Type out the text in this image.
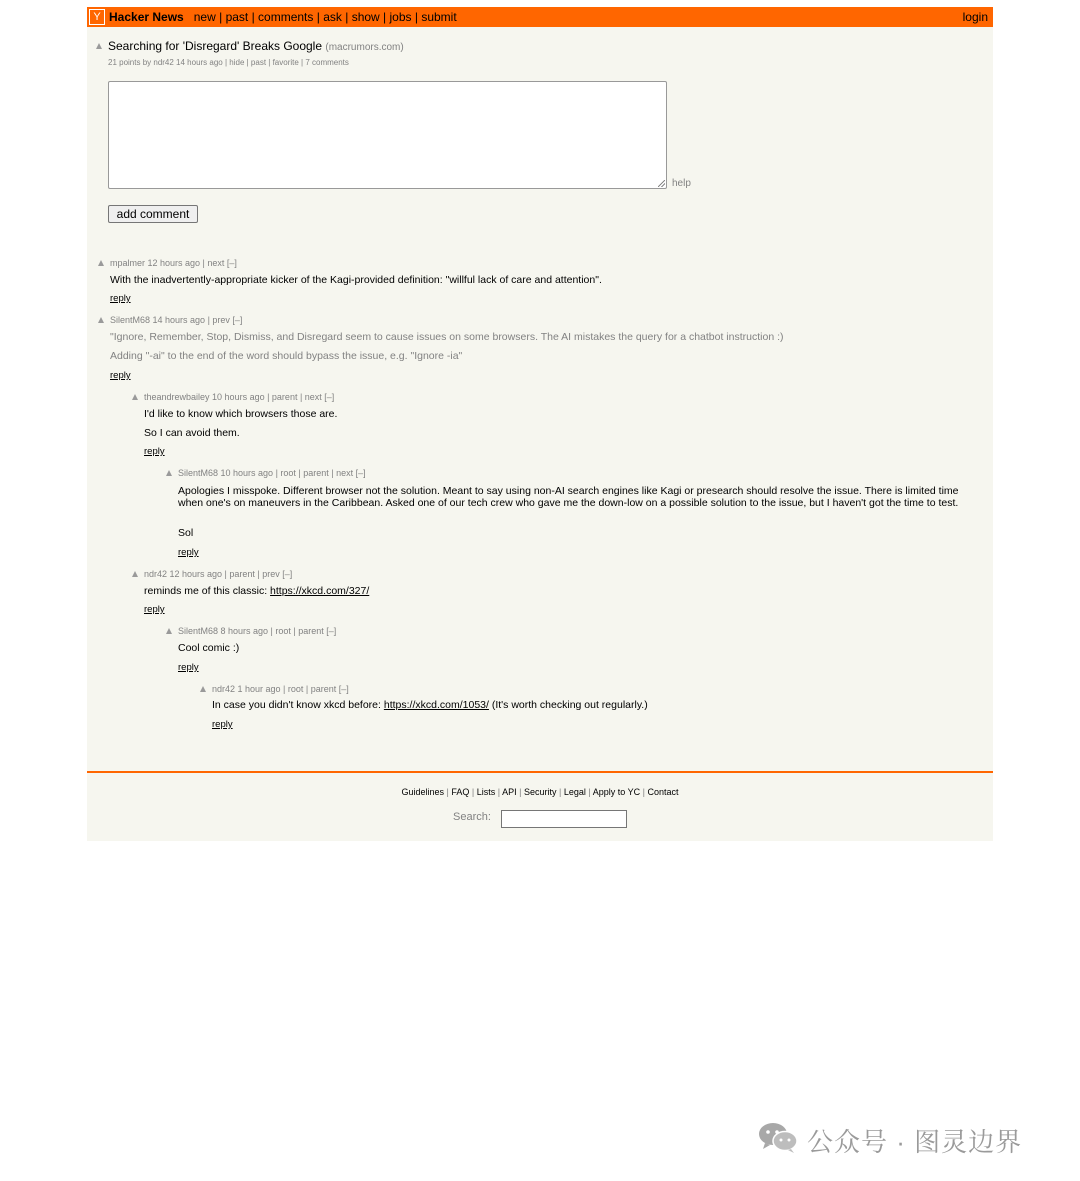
Y Hacker News new | past | comments | ask | show | jobs | submit	login
Searching for 'Disregard' Breaks Google (macrumors.com)
21 points by ndr42 14 hours ago | hide | past | favorite | 7 comments
help
add comment
mpalmer 12 hours ago | next [–]
With the inadvertently-appropriate kicker of the Kagi-provided definition: "willful lack of care and attention".
reply
SilentM68 14 hours ago | prev [–]
"Ignore, Remember, Stop, Dismiss, and Disregard seem to cause issues on some browsers. The AI mistakes the query for a chatbot instruction :)
Adding "-ai" to the end of the word should bypass the issue, e.g. "Ignore -ia"
reply
theandrewbailey 10 hours ago | parent | next [–]
I'd like to know which browsers those are.
So I can avoid them.
reply
SilentM68 10 hours ago | root | parent | next [–]
Apologies I misspoke. Different browser not the solution. Meant to say using non-AI search engines like Kagi or presearch should resolve the issue. There is limited time when one's on maneuvers in the Caribbean. Asked one of our tech crew who gave me the down-low on a possible solution to the issue, but I haven't got the time to test.
Sol
reply
ndr42 12 hours ago | parent | prev [–]
reminds me of this classic: https://xkcd.com/327/
reply
SilentM68 8 hours ago | root | parent [–]
Cool comic :)
reply
ndr42 1 hour ago | root | parent [–]
In case you didn't know xkcd before: https://xkcd.com/1053/ (It's worth checking out regularly.)
reply
Guidelines | FAQ | Lists | API | Security | Legal | Apply to YC | Contact
Search:
公众号 · 图灵边界
